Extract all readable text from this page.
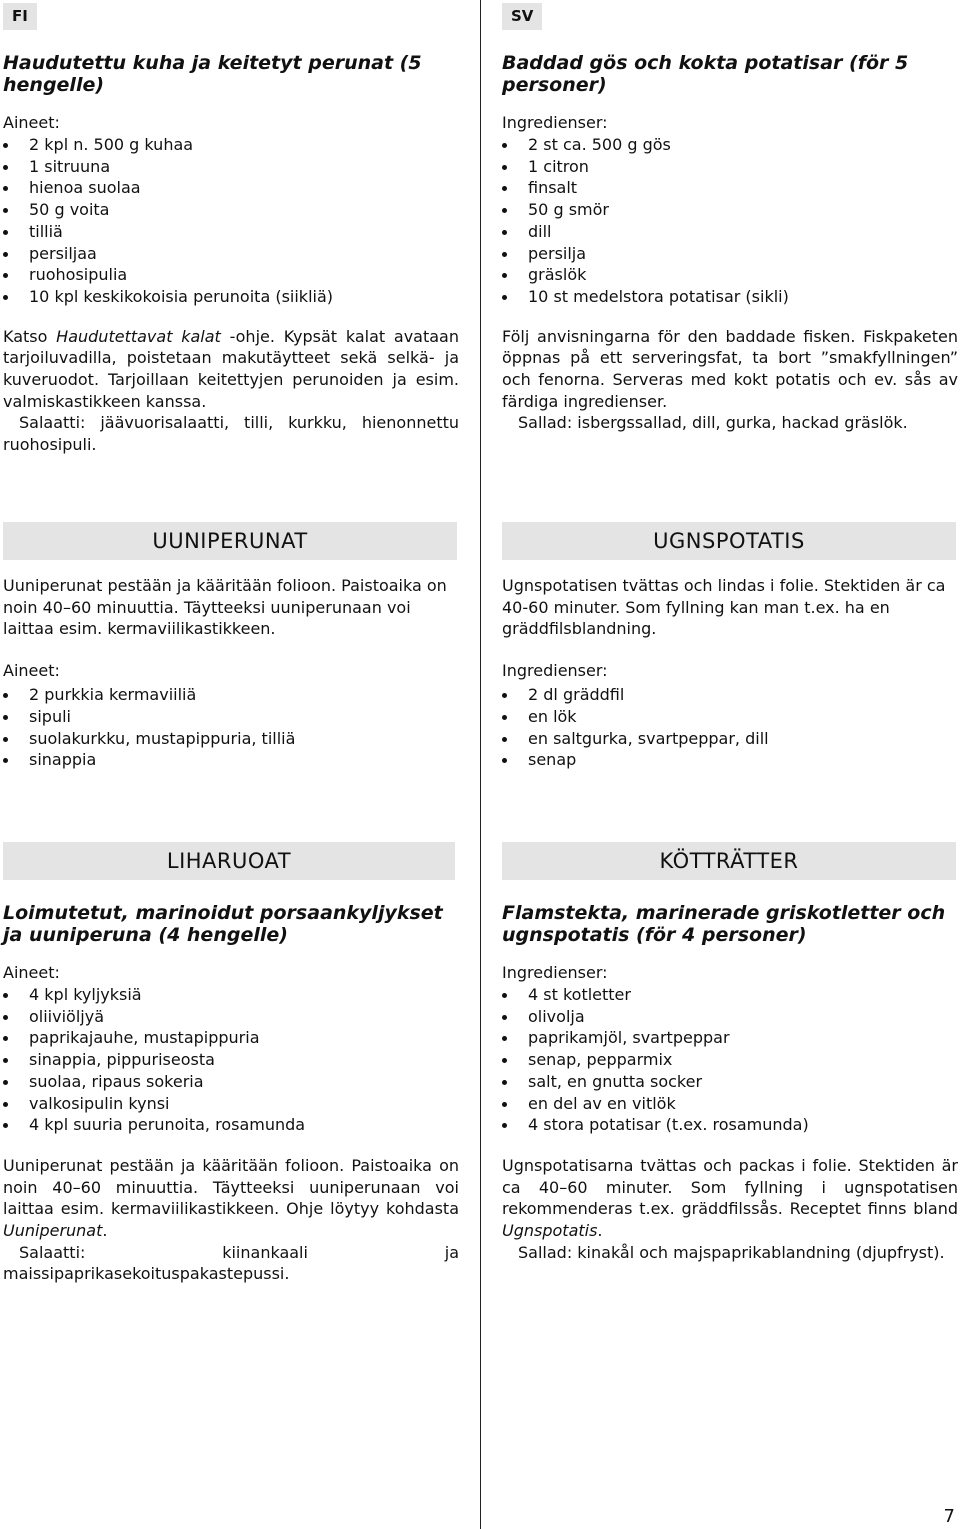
FI	SV

Haudutettu kuha ja keitetyt perunat (5 hengelle)

Aineet:
2 kpl n. 500 g kuhaa
1 sitruuna
hienoa suolaa
50 g voita
tilliä
persiljaa
ruohosipulia
10 kpl keskikokoisia perunoita (siikliä)
Katso Haudutettavat kalat -ohje. Kypsät kalat avataan tarjoiluvadilla, poistetaan makutäytteet sekä selkä- ja kuveruodot. Tarjoillaan keitettyjen perunoiden ja esim. valmiskastikkeen kanssa.
Salaatti: jäävuorisalaatti, tilli, kurkku, hienonnettu ruohosipuli.

Baddad gös och kokta potatisar (för 5 personer)

Ingredienser:
2 st ca. 500 g gös
1 citron
finsalt
50 g smör
dill
persilja
gräslök
10 st medelstora potatisar (sikli)
Följ anvisningarna för den baddade fisken. Fiskpaketen öppnas på ett serveringsfat, ta bort ”smakfyllningen” och fenorna. Serveras med kokt potatis och ev. sås av färdiga ingredienser.
Sallad: isbergssallad, dill, gurka, hackad gräslök.
UUNIPERUNAT	UGNSPOTATIS
Uuniperunat pestään ja kääritään folioon. Paistoaika on noin 40–60 minuuttia. Täytteeksi uuniperunaan voi laittaa esim. kermaviilikastikkeen.
Aineet:
2 purkkia kermaviiliä
sipuli
suolakurkku, mustapippuria, tilliä
sinappia
Ugnspotatisen tvättas och lindas i folie. Stektiden är ca 40-60 minuter. Som fyllning kan man t.ex. ha en gräddfilsblandning.
Ingredienser:
2 dl gräddfil
en lök
en saltgurka, svartpeppar, dill
senap
LIHARUOAT	KÖTTRÄTTER

Loimutetut, marinoidut porsaankyljykset ja uuniperuna (4 hengelle)

Aineet:
4 kpl kyljyksiä
oliiviöljyä
paprikajauhe, mustapippuria
sinappia, pippuriseosta
suolaa, ripaus sokeria
valkosipulin kynsi
4 kpl suuria perunoita, rosamunda
Uuniperunat pestään ja kääritään folioon. Paistoaika on noin 40–60 minuuttia. Täytteeksi uuniperunaan voi laittaa esim. kermaviilikastikkeen. Ohje löytyy kohdasta Uuniperunat.
Salaatti: kiinankaali ja maissipaprikasekoituspakastepussi.

Flamstekta, marinerade griskotletter och ugnspotatis (för 4 personer)

Ingredienser:
4 st kotletter
olivolja
paprikamjöl, svartpeppar
senap, pepparmix
salt, en gnutta socker
en del av en vitlök
4 stora potatisar (t.ex. rosamunda)
Ugnspotatisarna tvättas och packas i folie. Stektiden är ca 40–60 minuter. Som fyllning i ugnspotatisen rekommenderas t.ex. gräddfilssås. Receptet finns bland Ugnspotatis.
Sallad: kinakål och majspaprikablandning (djupfryst).
7
